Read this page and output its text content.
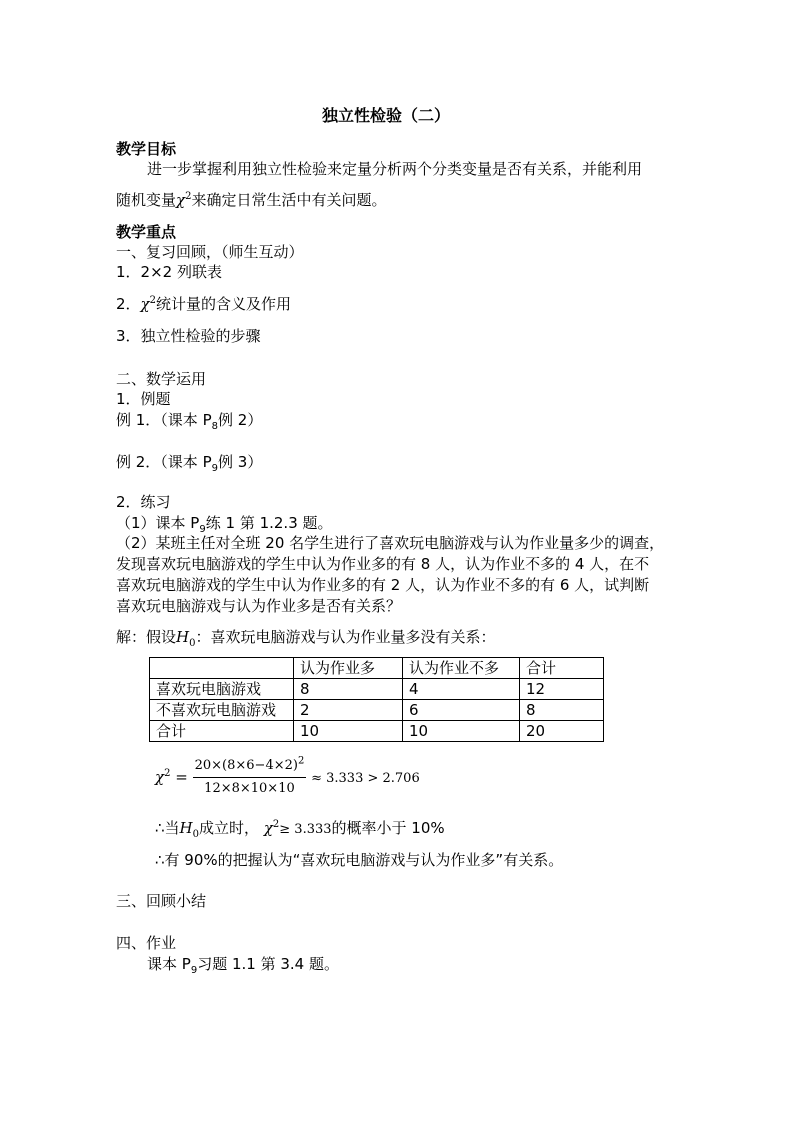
独立性检验（二）
教学目标
进一步掌握利用独立性检验来定量分析两个分类变量是否有关系，并能利用
随机变量$\chi^2$来确定日常生活中有关问题。
教学重点
一、复习回顾，（师生互动）
1．2×2 列联表
2．$\chi^2$统计量的含义及作用
3．独立性检验的步骤
二、数学运用
1．例题
例 1．（课本 $P_8$例 2）
例 2．（课本 $P_9$例 3）
2．练习
（1）课本 $P_9$练 1 第 1.2.3 题。
（2）某班主任对全班 20 名学生进行了喜欢玩电脑游戏与认为作业量多少的调查，
发现喜欢玩电脑游戏的学生中认为作业多的有 8 人，认为作业不多的 4 人，在不
喜欢玩电脑游戏的学生中认为作业多的有 2 人，认为作业不多的有 6 人，试判断
喜欢玩电脑游戏与认为作业多是否有关系？
解：假设$H_0$：喜欢玩电脑游戏与认为作业量多没有关系：
	认为作业多	认为作业不多	合计
喜欢玩电脑游戏	8	4	12
不喜欢玩电脑游戏	2	6	8
合计	10	10	20
$\chi^2 = \frac{20\times(8\times 6-4\times 2)^2}{12\times 8\times 10\times 10} \approx 3.333 > 2.706$
∴当$H_0$成立时， $\chi^2\ge 3.333$的概率小于 10%
∴有 90%的把握认为“喜欢玩电脑游戏与认为作业多”有关系。
三、回顾小结
四、作业
课本 $P_9$习题 1.1 第 3.4 题。
